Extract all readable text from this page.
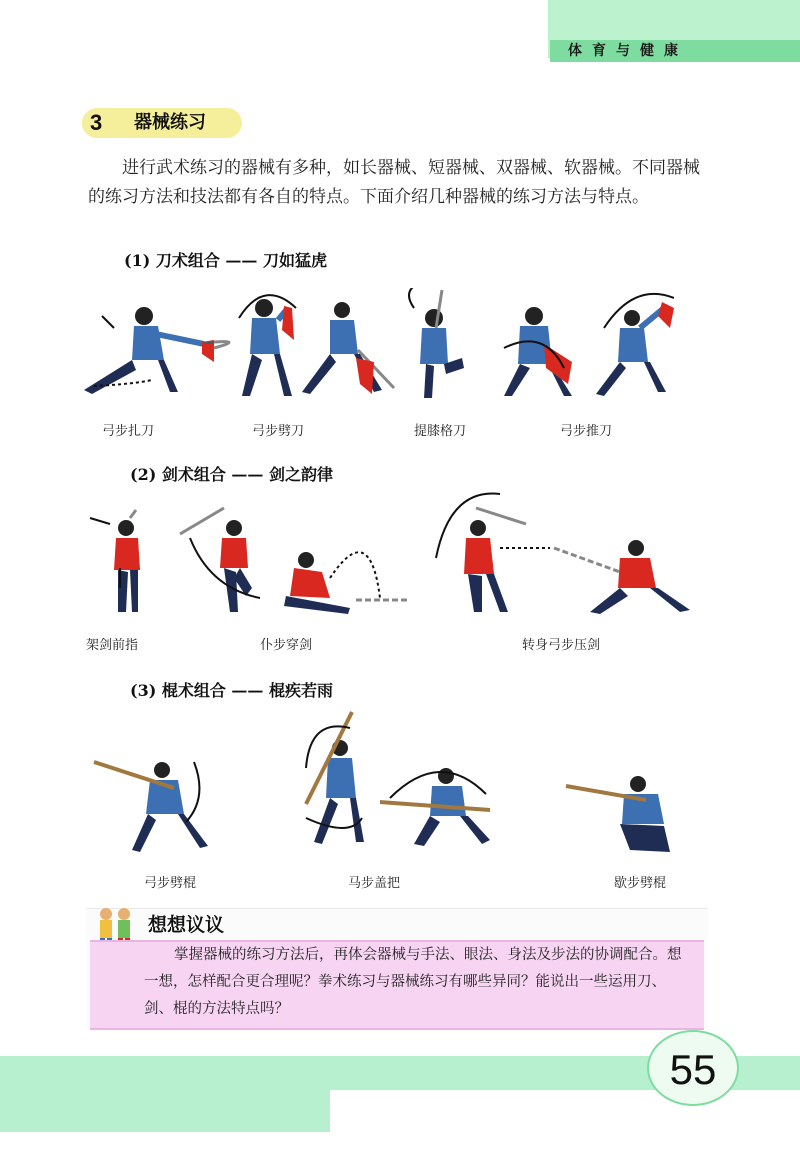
体育与健康
3 器械练习

进行武术练习的器械有多种，如长器械、短器械、双器械、软器械。不同器械的练习方法和技法都有各自的特点。下面介绍几种器械的练习方法与特点。

(1) 刀术组合 —— 刀如猛虎
弓步扎刀	弓步劈刀	提膝格刀	弓步推刀
(2) 剑术组合 —— 剑之韵律
架剑前指	仆步穿剑	转身弓步压剑
(3) 棍术组合 —— 棍疾若雨
弓步劈棍	马步盖把	歇步劈棍
想想议议

掌握器械的练习方法后，再体会器械与手法、眼法、身法及步法的协调配合。想一想，怎样配合更合理呢？拳术练习与器械练习有哪些异同？能说出一些运用刀、剑、棍的方法特点吗？

55
